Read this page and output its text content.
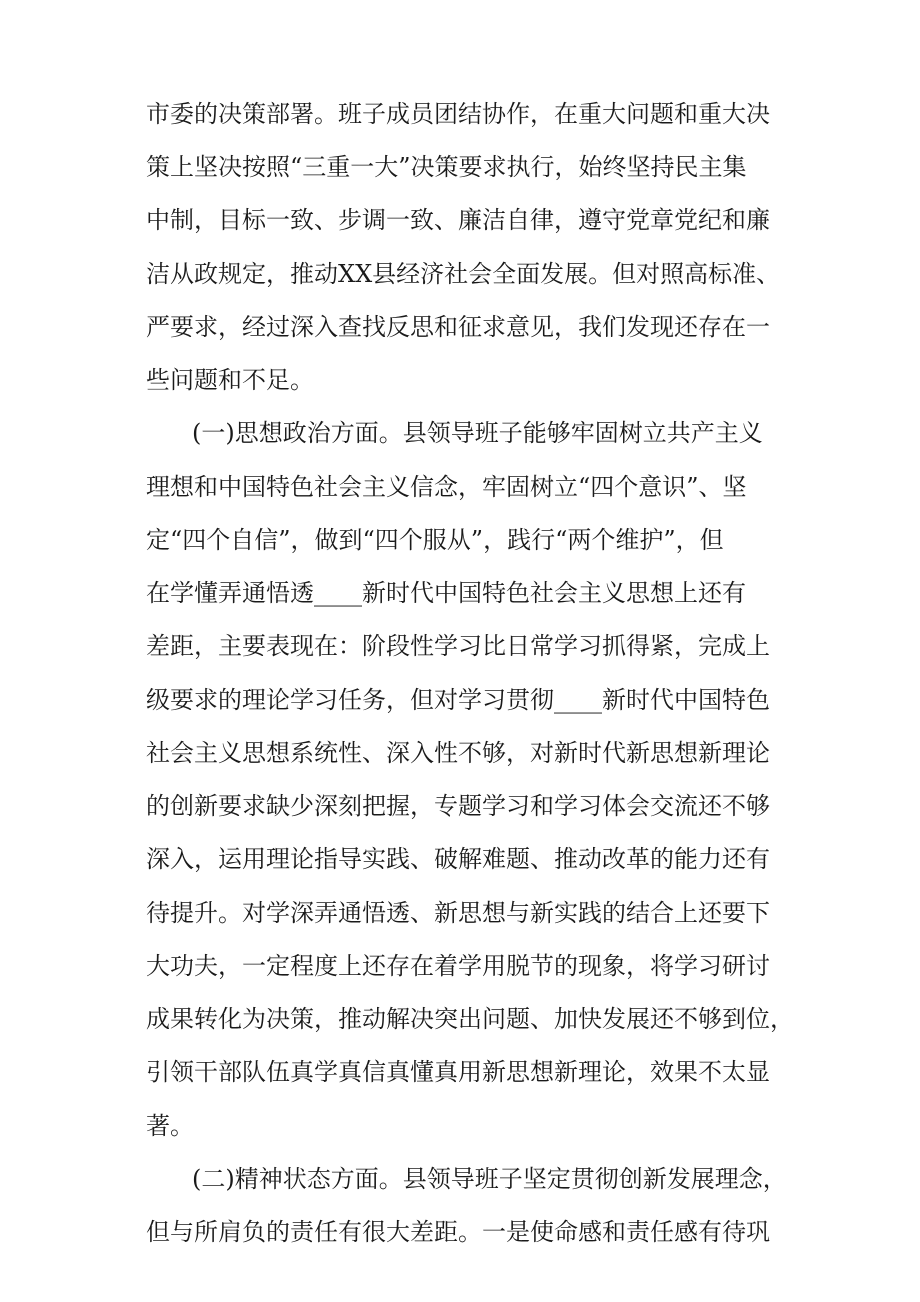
市委的决策部署。班子成员团结协作，在重大问题和重大决
策上坚决按照“三重一大”决策要求执行，始终坚持民主集
中制，目标一致、步调一致、廉洁自律，遵守党章党纪和廉
洁从政规定，推动XX县经济社会全面发展。但对照高标准、
严要求，经过深入查找反思和征求意见，我们发现还存在一
些问题和不足。
(一)思想政治方面。县领导班子能够牢固树立共产主义
理想和中国特色社会主义信念，牢固树立“四个意识”、坚
定“四个自信”，做到“四个服从”，践行“两个维护”，但
在学懂弄通悟透____新时代中国特色社会主义思想上还有
差距，主要表现在：阶段性学习比日常学习抓得紧，完成上
级要求的理论学习任务，但对学习贯彻____新时代中国特色
社会主义思想系统性、深入性不够，对新时代新思想新理论
的创新要求缺少深刻把握，专题学习和学习体会交流还不够
深入，运用理论指导实践、破解难题、推动改革的能力还有
待提升。对学深弄通悟透、新思想与新实践的结合上还要下
大功夫，一定程度上还存在着学用脱节的现象，将学习研讨
成果转化为决策，推动解决突出问题、加快发展还不够到位，
引领干部队伍真学真信真懂真用新思想新理论，效果不太显
著。
(二)精神状态方面。县领导班子坚定贯彻创新发展理念，
但与所肩负的责任有很大差距。一是使命感和责任感有待巩
